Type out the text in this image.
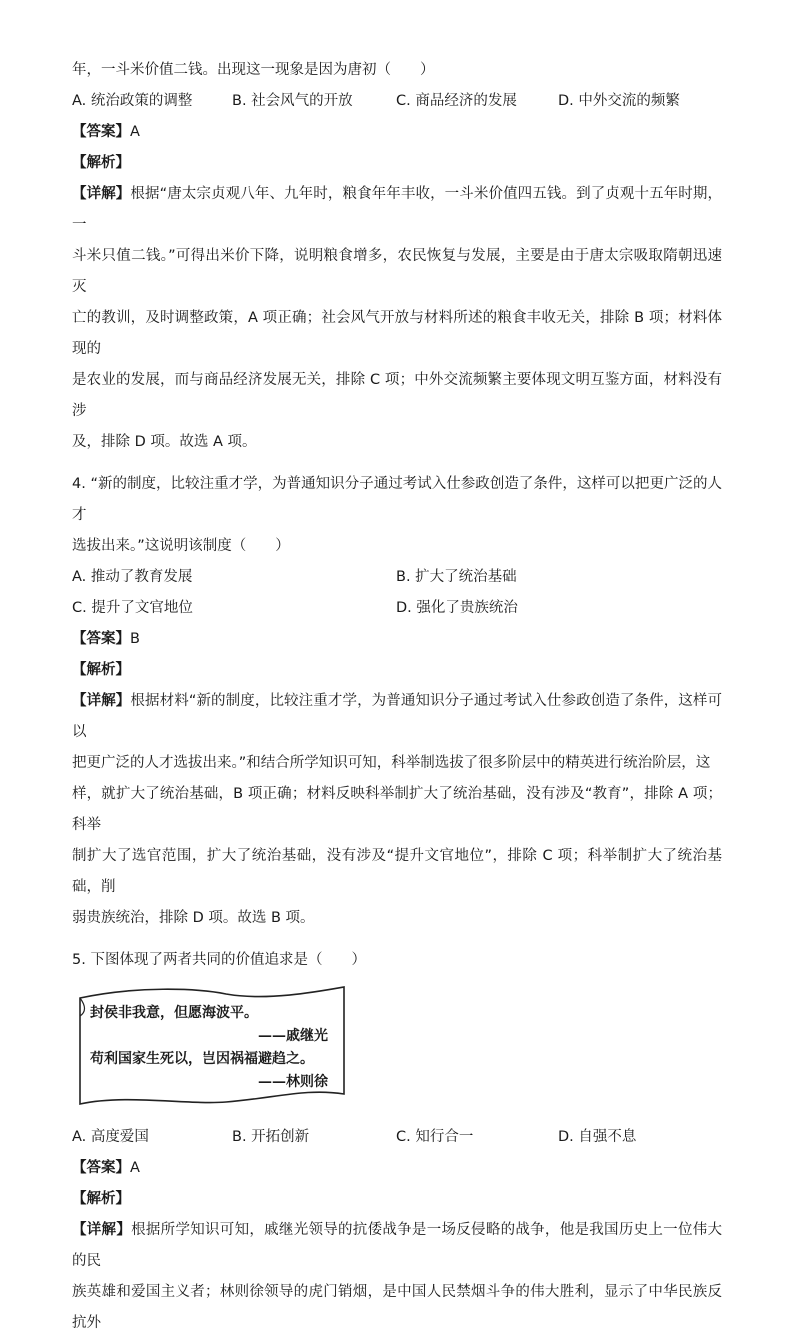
年，一斗米价值二钱。出现这一现象是因为唐初（　　）

A. 统治政策的调整	B. 社会风气的开放	C. 商品经济的发展	D. 中外交流的频繁

【答案】A

【解析】

【详解】根据“唐太宗贞观八年、九年时，粮食年年丰收，一斗米价值四五钱。到了贞观十五年时期，一

斗米只值二钱。”可得出米价下降，说明粮食增多，农民恢复与发展，主要是由于唐太宗吸取隋朝迅速灭

亡的教训，及时调整政策，A 项正确；社会风气开放与材料所述的粮食丰收无关，排除 B 项；材料体现的

是农业的发展，而与商品经济发展无关，排除 C 项；中外交流频繁主要体现文明互鉴方面，材料没有涉

及，排除 D 项。故选 A 项。

4. “新的制度，比较注重才学，为普通知识分子通过考试入仕参政创造了条件，这样可以把更广泛的人才

选拔出来。”这说明该制度（　　）

A. 推动了教育发展	B. 扩大了统治基础
C. 提升了文官地位	D. 强化了贵族统治

【答案】B

【解析】

【详解】根据材料“新的制度，比较注重才学，为普通知识分子通过考试入仕参政创造了条件，这样可以

把更广泛的人才选拔出来。”和结合所学知识可知，科举制选拔了很多阶层中的精英进行统治阶层，这

样，就扩大了统治基础，B 项正确；材料反映科举制扩大了统治基础，没有涉及“教育”，排除 A 项；科举

制扩大了选官范围，扩大了统治基础，没有涉及“提升文官地位”，排除 C 项；科举制扩大了统治基础，削

弱贵族统治，排除 D 项。故选 B 项。

5. 下图体现了两者共同的价值追求是（　　）

封侯非我意，但愿海波平。
——戚继光
苟利国家生死以，岂因祸福避趋之。
——林则徐
A. 高度爱国	B. 开拓创新	C. 知行合一	D. 自强不息

【答案】A

【解析】

【详解】根据所学知识可知，戚继光领导的抗倭战争是一场反侵略的战争，他是我国历史上一位伟大的民

族英雄和爱国主义者；林则徐领导的虎门销烟，是中国人民禁烟斗争的伟大胜利，显示了中华民族反抗外
